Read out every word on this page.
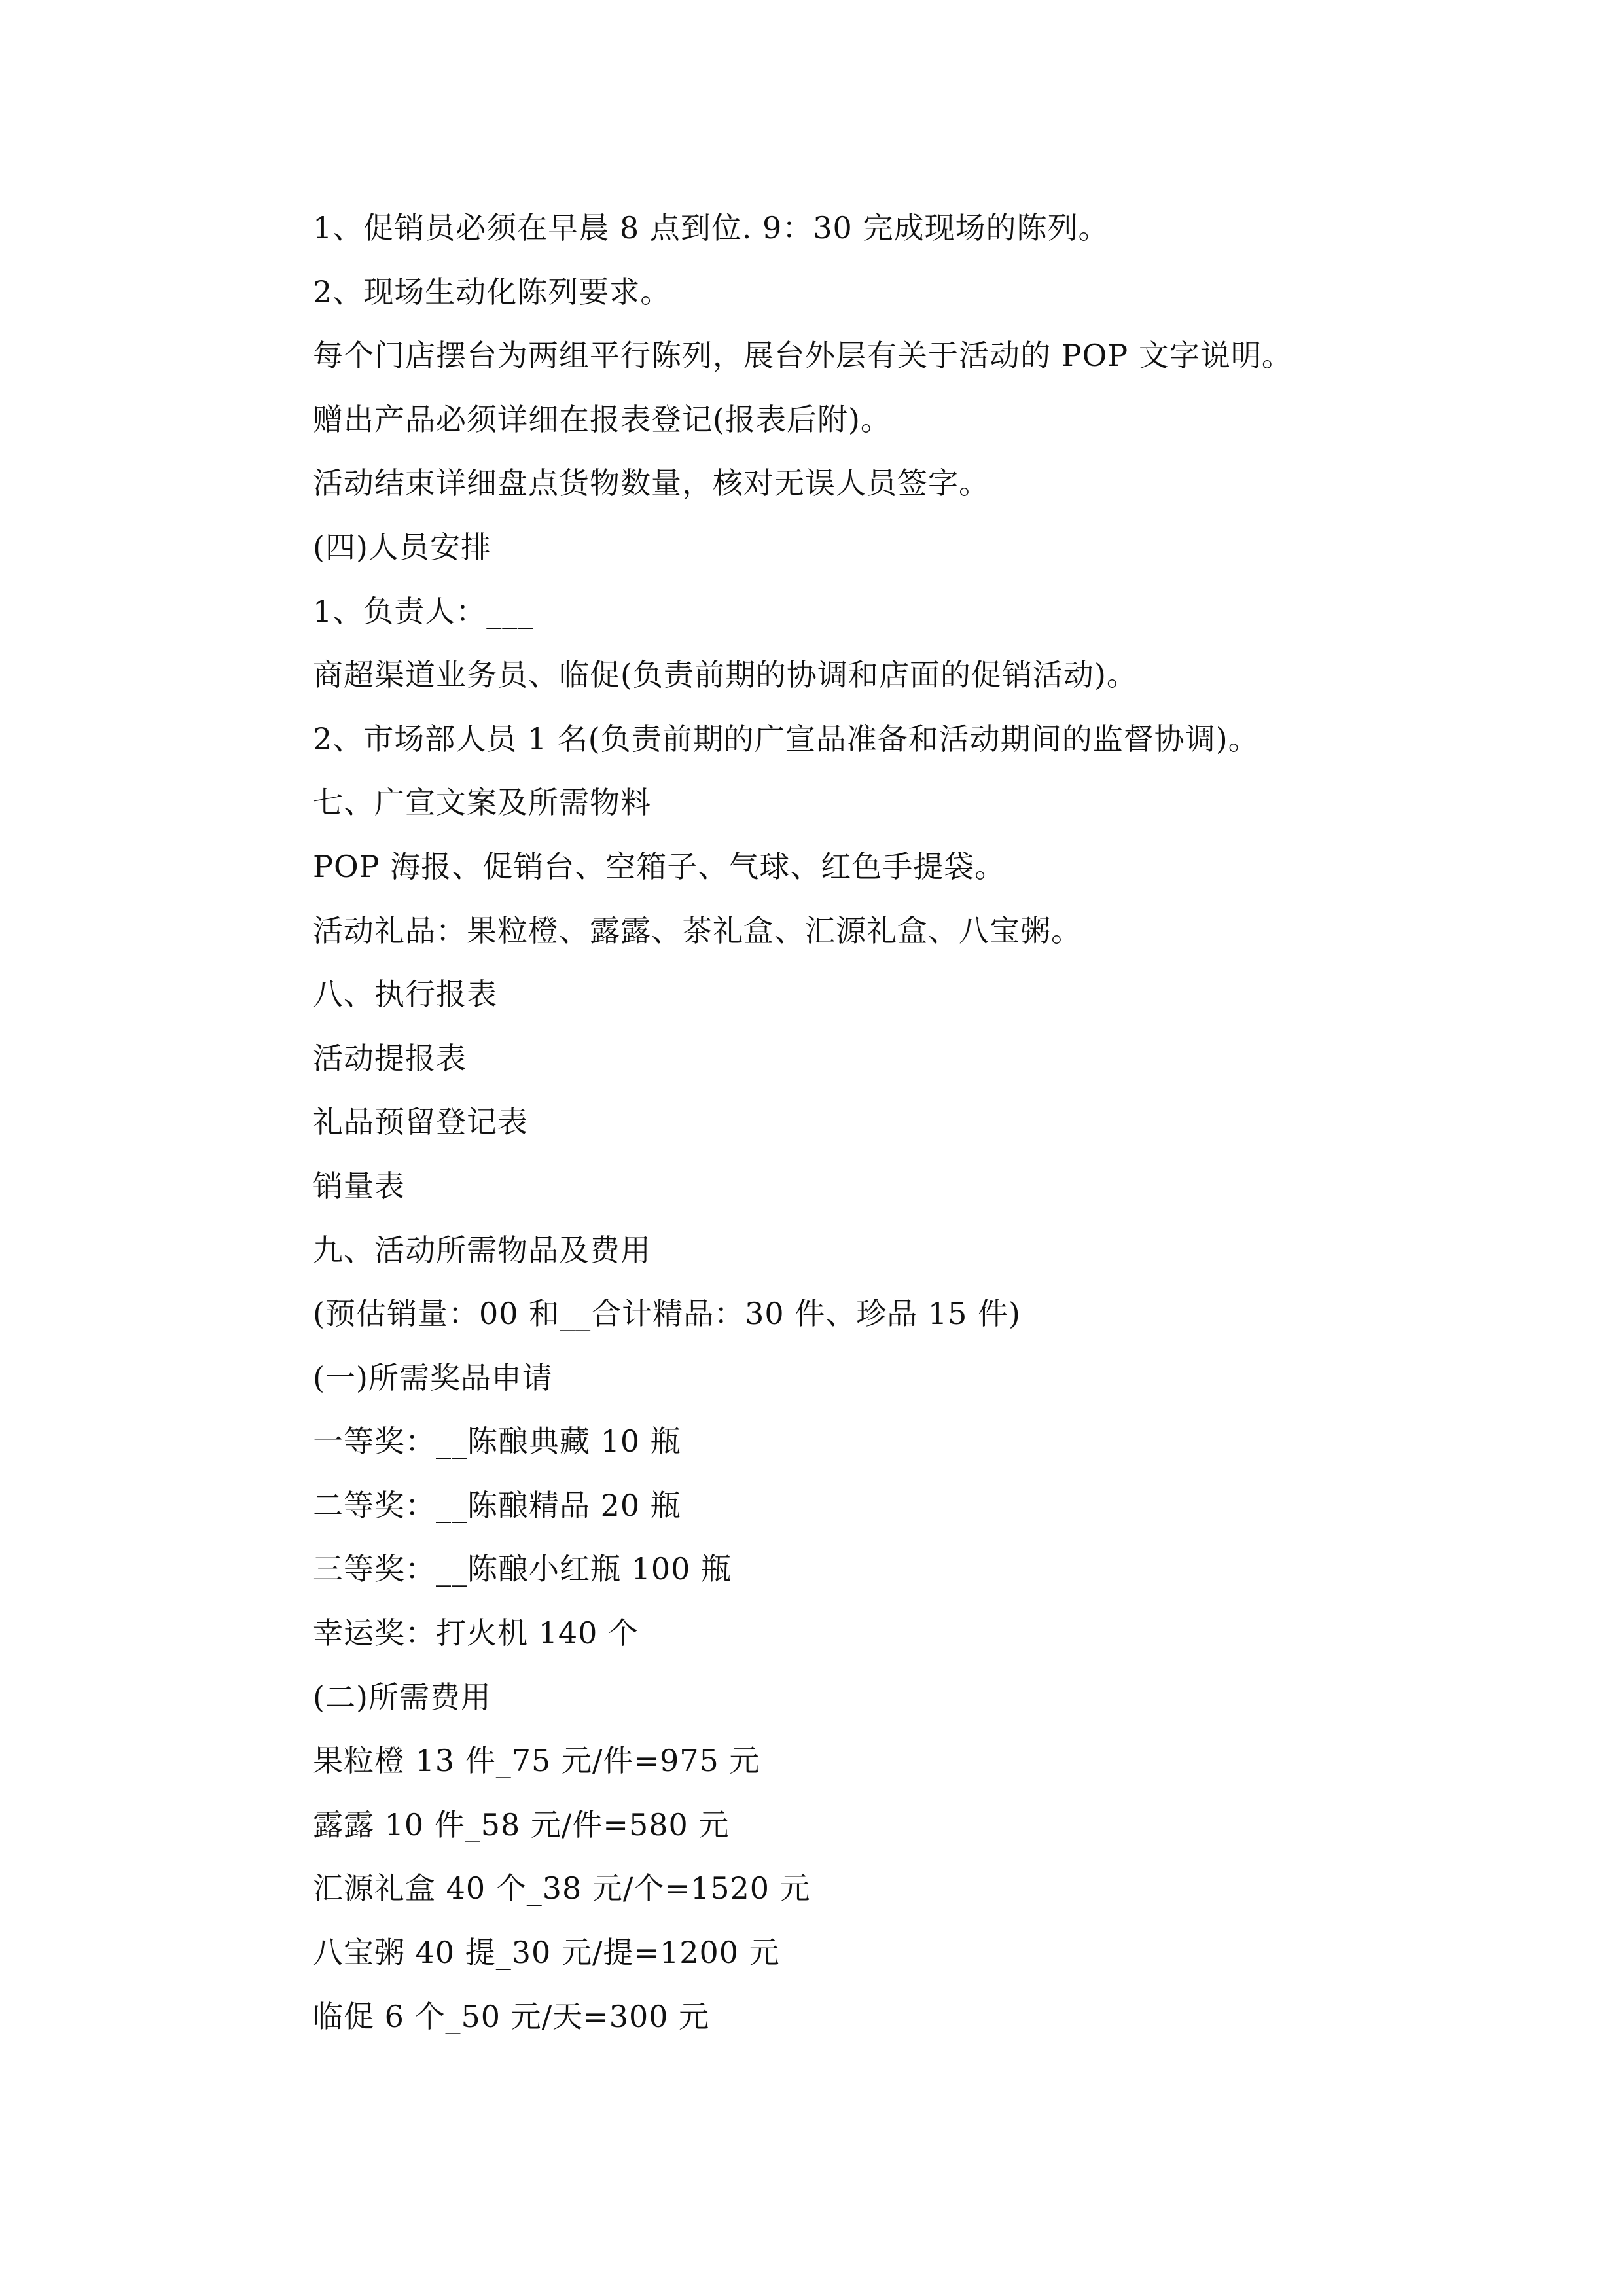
1、促销员必须在早晨 8 点到位. 9：30 完成现场的陈列。
2、现场生动化陈列要求。
每个门店摆台为两组平行陈列，展台外层有关于活动的 POP 文字说明。
赠出产品必须详细在报表登记(报表后附)。
活动结束详细盘点货物数量，核对无误人员签字。
(四)人员安排
1、负责人：___
商超渠道业务员、临促(负责前期的协调和店面的促销活动)。
2、市场部人员 1 名(负责前期的广宣品准备和活动期间的监督协调)。
七、广宣文案及所需物料
POP 海报、促销台、空箱子、气球、红色手提袋。
活动礼品：果粒橙、露露、茶礼盒、汇源礼盒、八宝粥。
八、执行报表
活动提报表
礼品预留登记表
销量表
九、活动所需物品及费用
(预估销量：00 和__合计精品：30 件、珍品 15 件)
(一)所需奖品申请
一等奖：__陈酿典藏 10 瓶
二等奖：__陈酿精品 20 瓶
三等奖：__陈酿小红瓶 100 瓶
幸运奖：打火机 140 个
(二)所需费用
果粒橙 13 件_75 元/件=975 元
露露 10 件_58 元/件=580 元
汇源礼盒 40 个_38 元/个=1520 元
八宝粥 40 提_30 元/提=1200 元
临促 6 个_50 元/天=300 元
